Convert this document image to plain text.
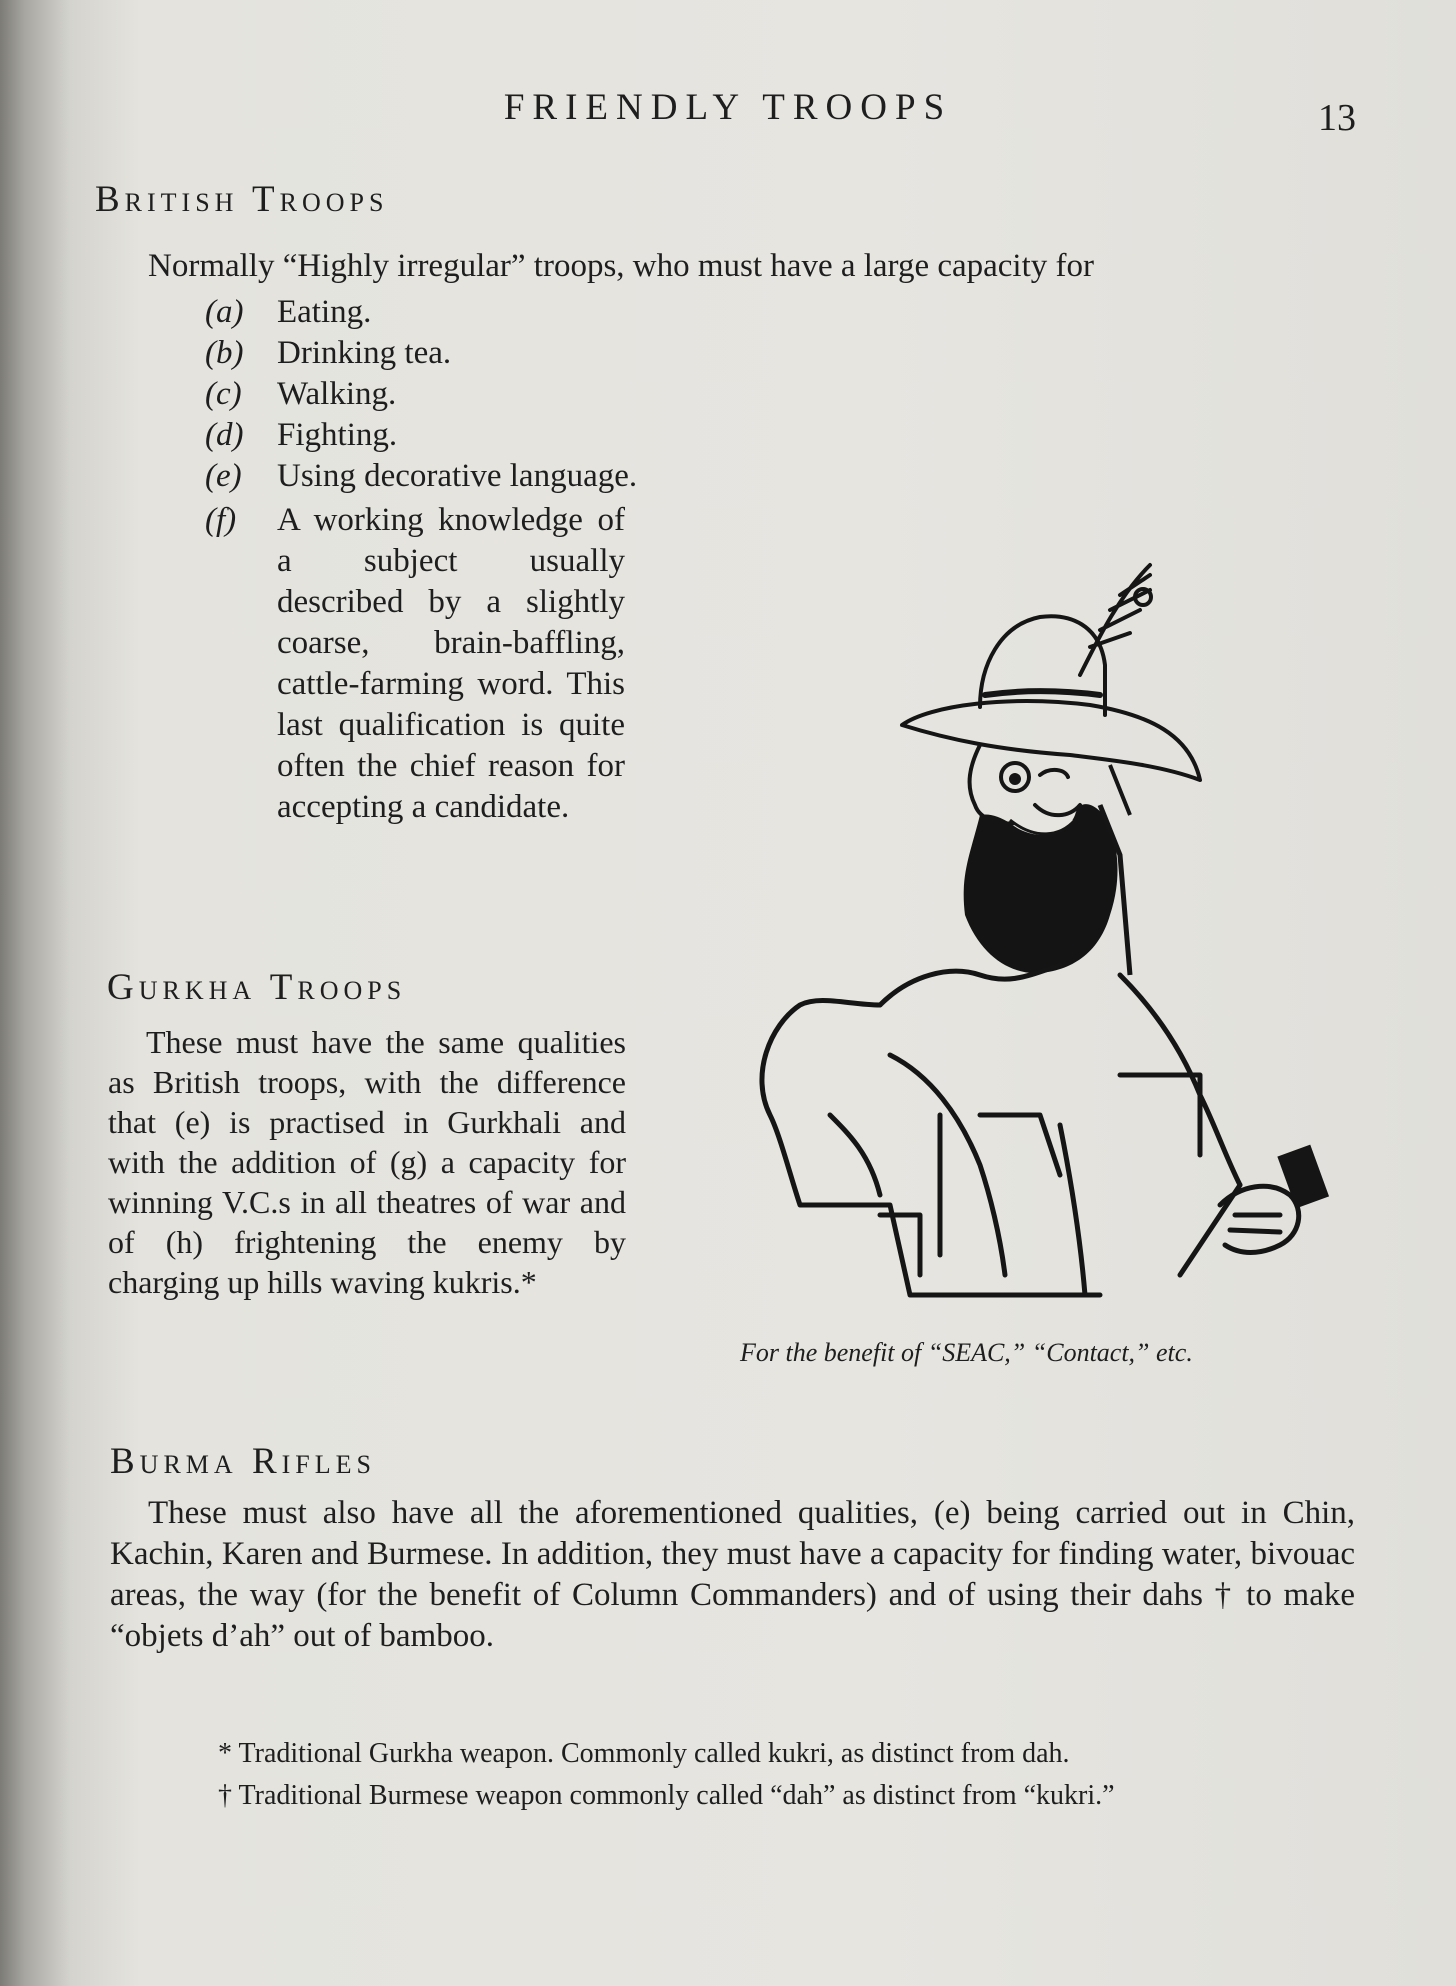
FRIENDLY TROOPS	13
British Troops
Normally “Highly irregular” troops, who must have a large capacity for
(a)	Eating.
(b)	Drinking tea.
(c)	Walking.
(d)	Fighting.
(e)	Using decorative language.
(f) A working knowledge of a subject usually described by a slightly coarse, brain-baffling, cattle-farming word. This last qualification is quite often the chief reason for accepting a candidate.
Gurkha Troops
These must have the same qualities as British troops, with the difference that (e) is practised in Gurkhali and with the addition of (g) a capacity for winning V.C.s in all theatres of war and of (h) frightening the enemy by charging up hills waving kukris.*
For the benefit of “SEAC,” “Contact,” etc.
Burma Rifles
These must also have all the aforementioned qualities, (e) being carried out in Chin, Kachin, Karen and Burmese. In addition, they must have a capacity for finding water, bivouac areas, the way (for the benefit of Column Commanders) and of using their dahs † to make “objets d’ah” out of bamboo.
* Traditional Gurkha weapon. Commonly called kukri, as distinct from dah.
† Traditional Burmese weapon commonly called “dah” as distinct from “kukri.”
